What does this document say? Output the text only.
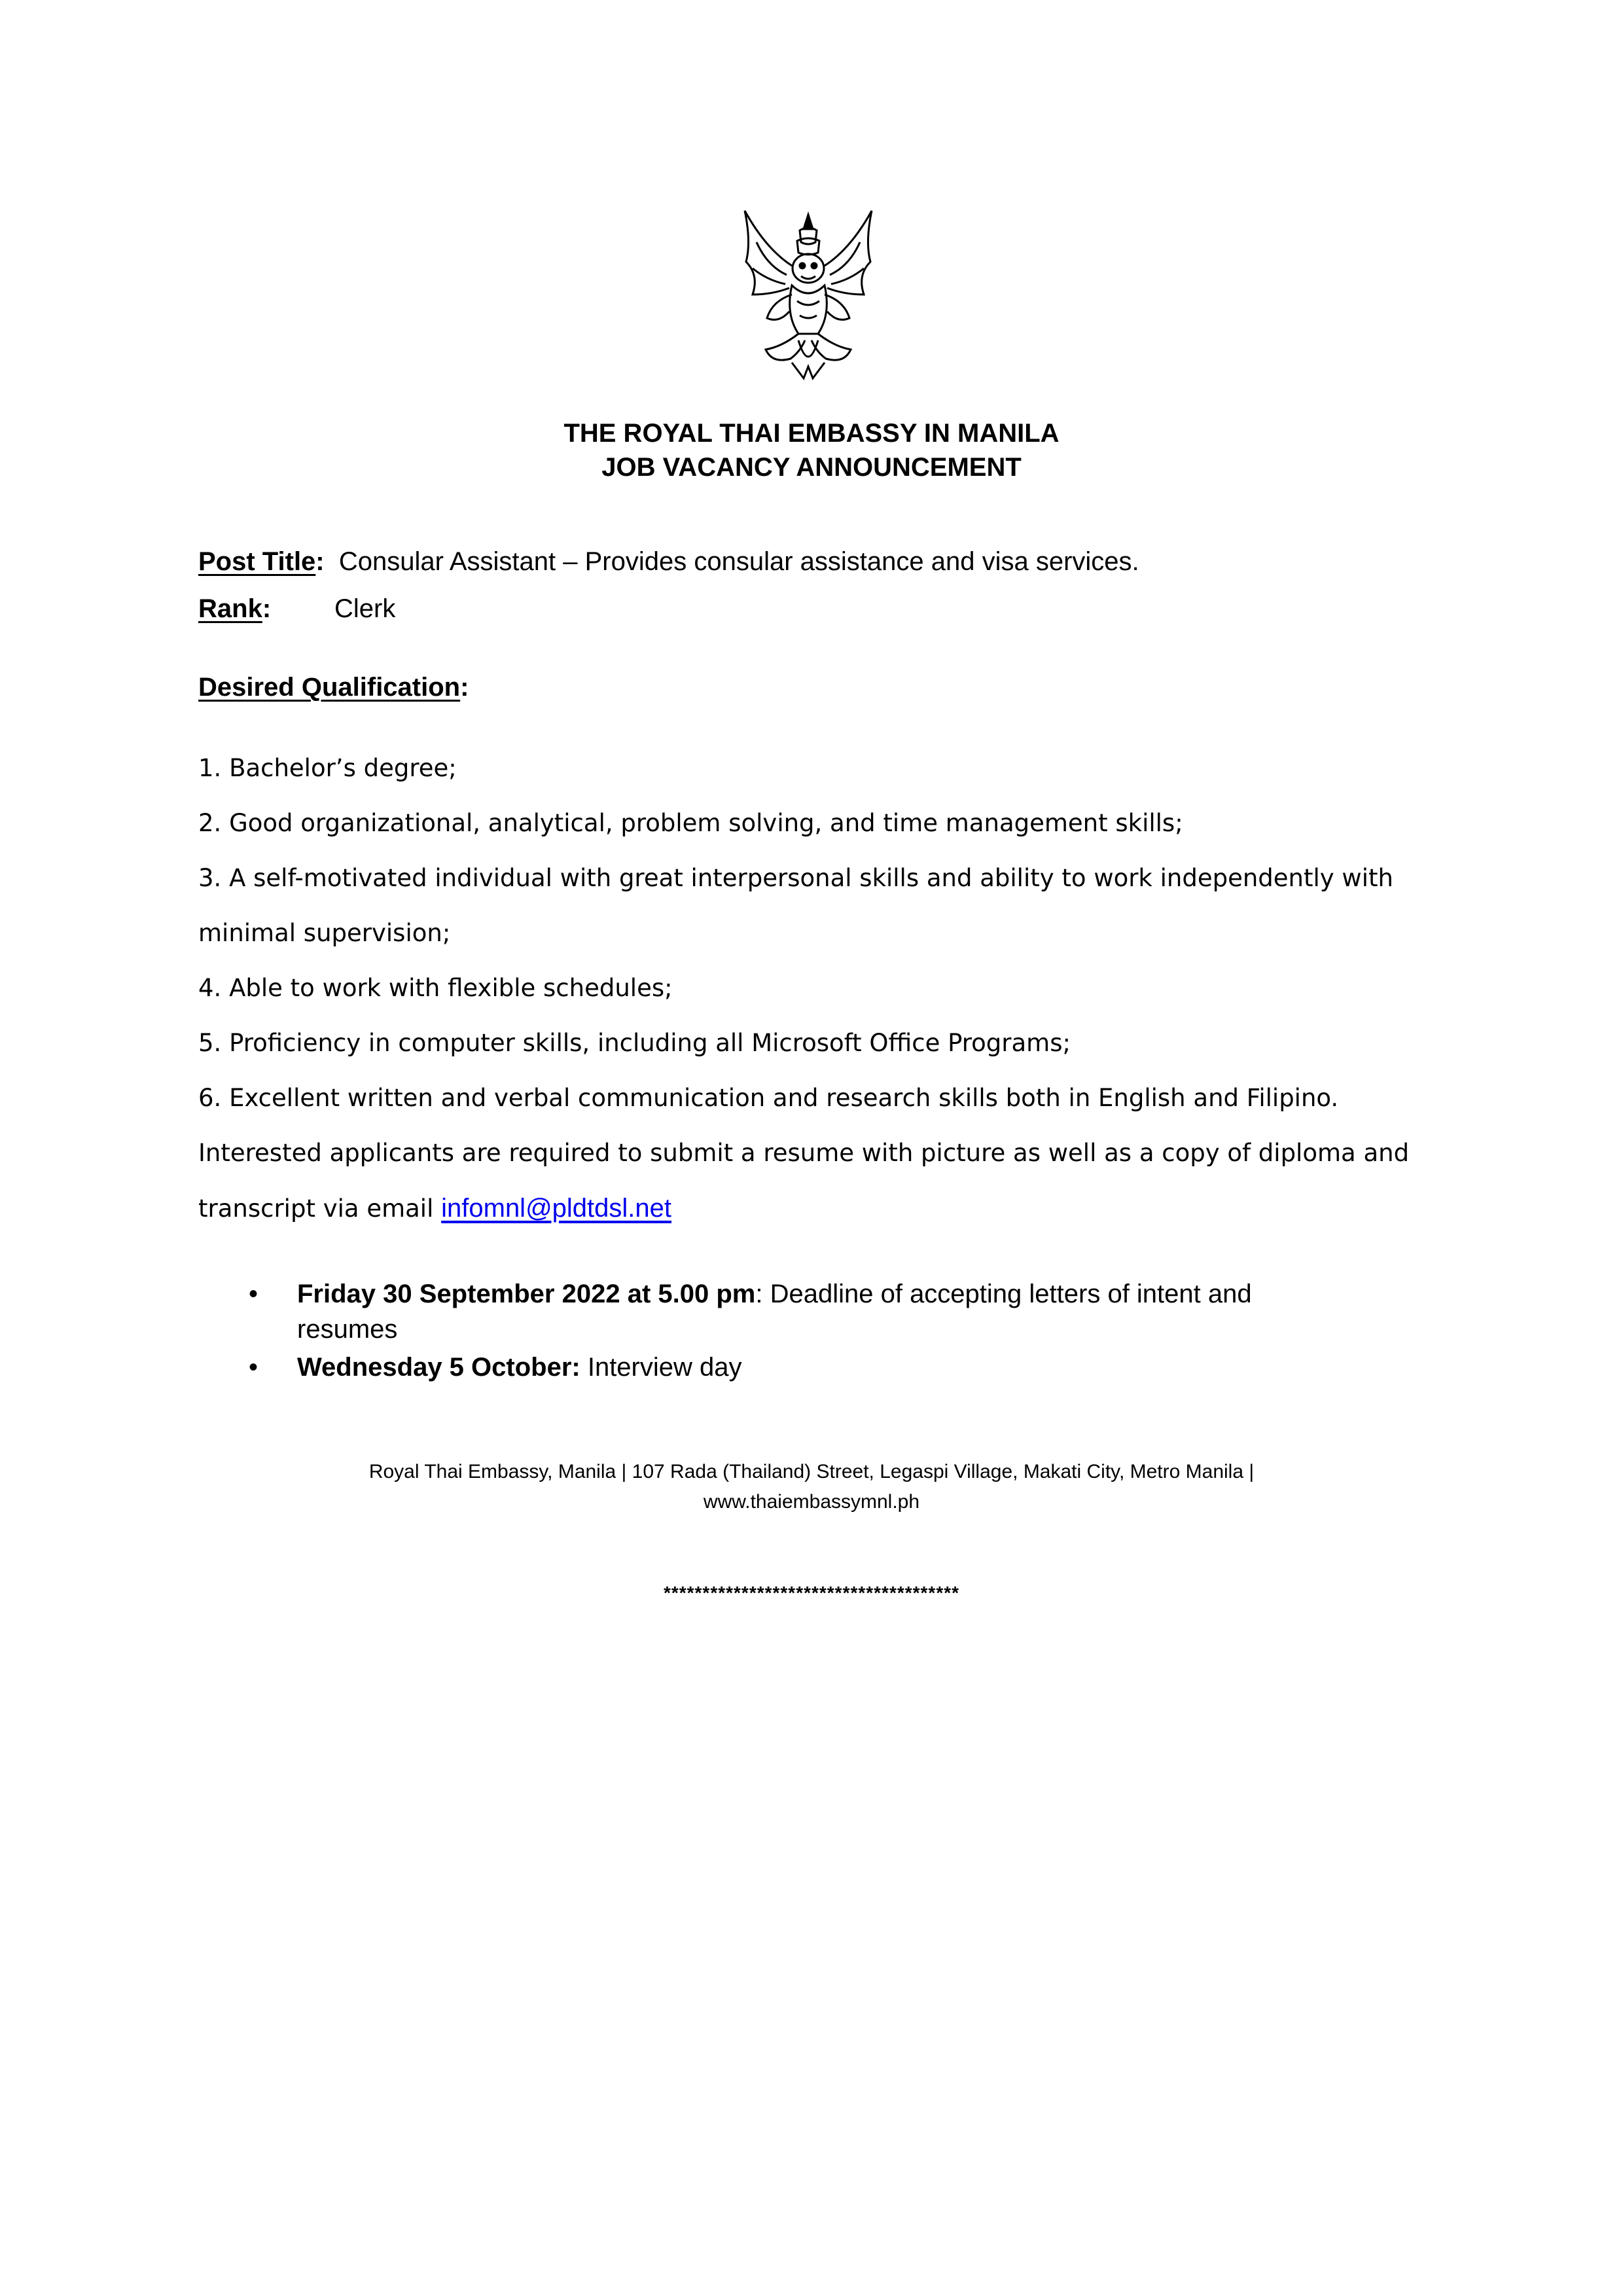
THE ROYAL THAI EMBASSY IN MANILA
JOB VACANCY ANNOUNCEMENT
Post Title: Consular Assistant – Provides consular assistance and visa services.
Rank: Clerk
Desired Qualification:

1. Bachelor’s degree;

2. Good organizational, analytical, problem solving, and time management skills;

3. A self-motivated individual with great interpersonal skills and ability to work independently with minimal supervision;

4. Able to work with flexible schedules;

5. Proficiency in computer skills, including all Microsoft Office Programs;

6. Excellent written and verbal communication and research skills both in English and Filipino.

Interested applicants are required to submit a resume with picture as well as a copy of diploma and transcript via email infomnl@pldtdsl.net

• Friday 30 September 2022 at 5.00 pm: Deadline of accepting letters of intent and resumes
• Wednesday 5 October: Interview day
Royal Thai Embassy, Manila | 107 Rada (Thailand) Street, Legaspi Village, Makati City, Metro Manila |
www.thaiembassymnl.ph
**************************************
